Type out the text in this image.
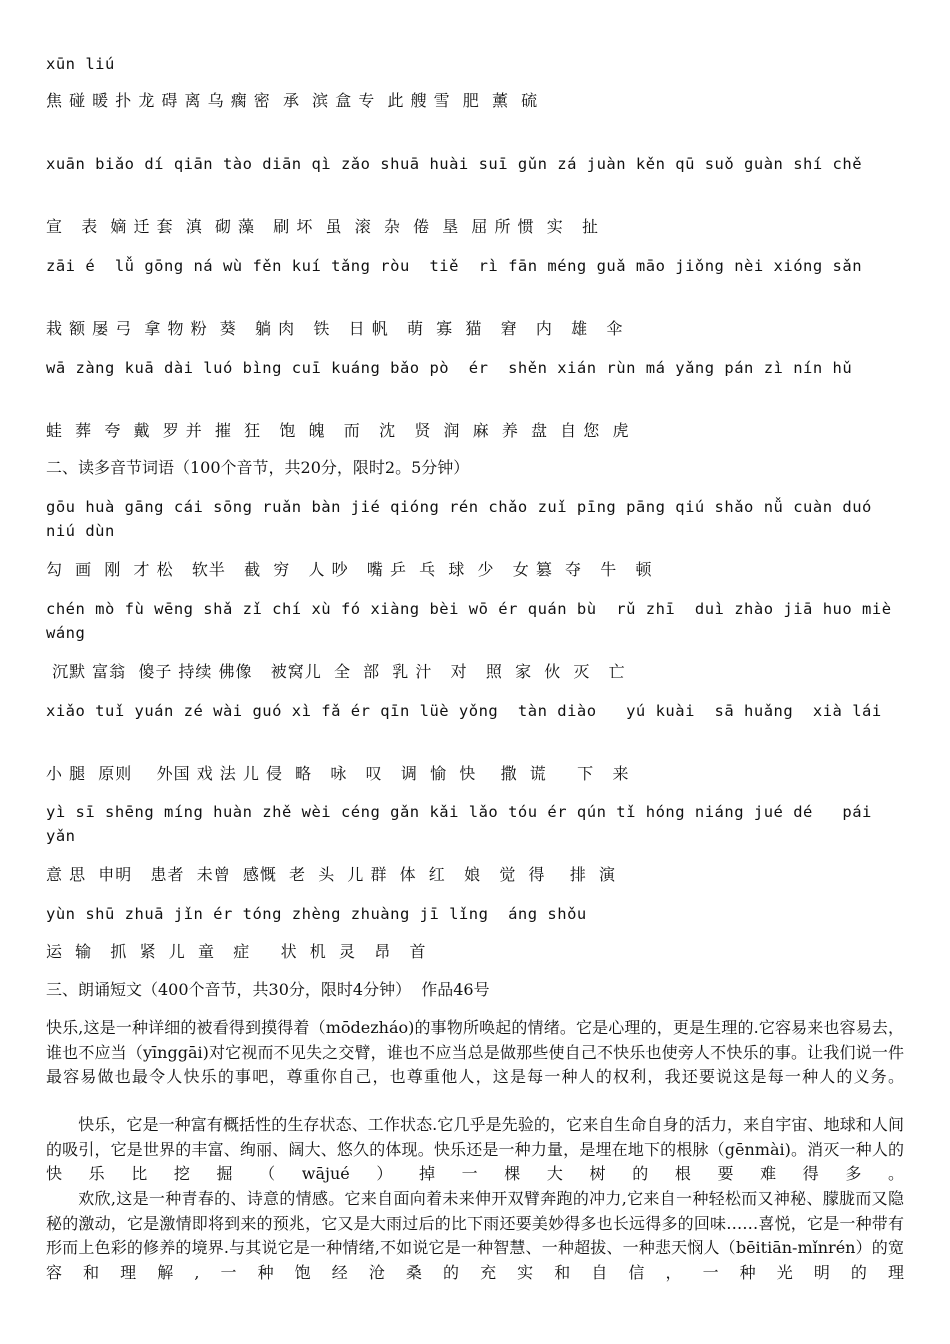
xūn liú
焦 碰 暖 扑 龙 碍 离 乌 瘸 密  承  滨 盒 专  此 艘 雪  肥  薰  硫
xuān biǎo dí qiān tào diān qì zǎo shuā huài suī gǔn zá juàn kěn qū suǒ guàn shí chě
宣   表  嫡 迁 套  滇  砌 藻   刷 坏  虽  滚  杂  倦  垦  屈 所 惯  实   扯
zāi é  lǚ gōng ná wù fěn kuí tǎng ròu  tiě  rì fān méng guǎ māo jiǒng nèi xióng sǎn
栽 额 屡 弓  拿 物 粉  葵   躺 肉   铁   日 帆   萌  寡  猫   窘   内   雄   伞
wā zàng kuā dài luó bìng cuī kuáng bǎo pò  ér  shěn xián rùn má yǎng pán zì nín hǔ
蛙  葬  夸  戴  罗 并  摧  狂   饱  魄   而   沈   贤  润  麻  养  盘  自 您  虎
二、读多音节词语（100个音节，共20分，限时2。5分钟）
gōu huà gāng cái sōng ruǎn bàn jié qióng rén chǎo zuǐ pīng pāng qiú shǎo nǚ cuàn duó niú dùn
勾  画  刚  才 松   软半   截  穷   人 吵   嘴 乒  乓  球  少   女 篡  夺   牛   顿
chén mò fù wēng shǎ zǐ chí xù fó xiàng bèi wō ér quán bù  rǔ zhī  duì zhào jiā huo miè wáng
沉默 富翁  傻子 持续 佛像   被窝儿  全  部  乳 汁   对   照  家  伙  灭   亡
xiǎo tuǐ yuán zé wài guó xì fǎ ér qīn lüè yǒng  tàn diào   yú kuài  sā huǎng  xià lái
小 腿  原则    外国 戏 法 儿 侵  略   咏   叹   调  愉  快    撒  谎     下   来
yì sī shēng míng huàn zhě wèi céng gǎn kǎi lǎo tóu ér qún tǐ hóng niáng jué dé   pái yǎn
意 思  申明   患者  未曾  感慨  老  头  儿 群  体  红   娘   觉  得    排  演
yùn shū zhuā jǐn ér tóng zhèng zhuàng jī lǐng  áng shǒu
运  输   抓  紧  儿  童   症     状  机  灵   昂   首
三、朗诵短文（400个音节，共30分，限时4分钟）  作品46号
快乐,这是一种详细的被看得到摸得着（mōdezháo)的事物所唤起的情绪。它是心理的，更是生理的.它容易来也容易去，谁也不应当（yīnggāi)对它视而不见失之交臂，谁也不应当总是做那些使自己不快乐也使旁人不快乐的事。让我们说一件最容易做也最令人快乐的事吧，尊重你自己，也尊重他人，这是每一种人的权利，我还要说这是每一种人的义务。
快乐，它是一种富有概括性的生存状态、工作状态.它几乎是先验的，它来自生命自身的活力，来自宇宙、地球和人间的吸引，它是世界的丰富、绚丽、阔大、悠久的体现。快乐还是一种力量，是埋在地下的根脉（gēnmài)。消灭一种人的快乐比挖掘（wājué）掉一棵大树的根要难得多。
欢欣,这是一种青春的、诗意的情感。它来自面向着未来伸开双臂奔跑的冲力,它来自一种轻松而又神秘、朦胧而又隐秘的激动，它是激情即将到来的预兆，它又是大雨过后的比下雨还要美妙得多也长远得多的回味……喜悦，它是一种带有形而上色彩的修养的境界.与其说它是一种情绪,不如说它是一种智慧、一种超拔、一种悲天悯人（bēitiān-mǐnrén）的宽容和理解,一种饱经沧桑的充实和自信，一种光明的理
